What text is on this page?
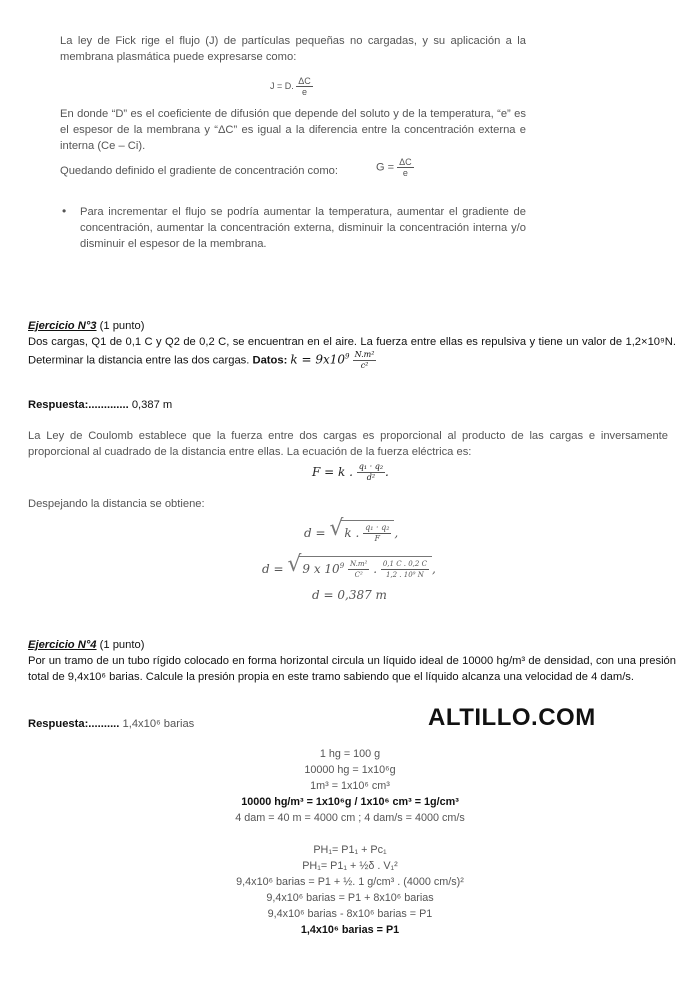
La ley de Fick rige el flujo (J) de partículas pequeñas no cargadas, y su aplicación a la membrana plasmática puede expresarse como:
J = D. $\frac{\Delta C}{e}$
En donde “D” es el coeficiente de difusión que depende del soluto y de la temperatura, “e” es el espesor de la membrana y “ΔC” es igual a la diferencia entre la concentración externa e interna (Ce – Ci).
Quedando definido el gradiente de concentración como:	$G = \frac{\Delta C}{e}$
• Para incrementar el flujo se podría aumentar la temperatura, aumentar el gradiente de concentración, aumentar la concentración externa, disminuir la concentración interna y/o disminuir el espesor de la membrana.
Ejercicio N°3 (1 punto)
Dos cargas, Q1 de 0,1 C y Q2 de 0,2 C, se encuentran en el aire. La fuerza entre ellas es repulsiva y tiene un valor de 1,2×10⁹N. Determinar la distancia entre las dos cargas. Datos: $k = 9x10^9 \frac{\text{N.m²}}{\text{c²}}$
Respuesta:............. 0,387 m
La Ley de Coulomb establece que la fuerza entre dos cargas es proporcional al producto de las cargas e inversamente proporcional al cuadrado de la distancia entre ellas. La ecuación de la fuerza eléctrica es:
F = k . $\frac{\text{q₁ · q₂}}{\text{d²}}$ .
Despejando la distancia se obtiene:
d = √ k . $\frac{\text{q₁ · q₂}}{F}$ ,
d = √ 9 x $10^9 \frac{\text{N.m²}}{\text{C²}}$ . $\frac{0,1 C . 0,2 C}{\text{1,2 . 10⁹ N}}$ ,
d = 0,387 m
Ejercicio N°4 (1 punto)
Por un tramo de un tubo rígido colocado en forma horizontal circula un líquido ideal de 10000 hg/m³ de densidad, con una presión total de 9,4x10⁶ barias. Calcule la presión propia en este tramo sabiendo que el líquido alcanza una velocidad de 4 dam/s.
Respuesta:.......... 1,4x10⁶ barias	ALTILLO.COM
1 hg = 100 g
10000 hg = 1x10⁶g
1m³ = 1x10⁶ cm³
10000 hg/m³ = 1x10⁶g / 1x10⁶ cm³ = 1g/cm³
4 dam = 40 m = 4000 cm ; 4 dam/s = 4000 cm/s
PH₁= P1₁ + Pc₁
PH₁= P1₁ + ½δ . V₁²
9,4x10⁶ barias = P1 + ½. 1 g/cm³ . (4000 cm/s)²
9,4x10⁶ barias = P1 + 8x10⁶ barias
9,4x10⁶ barias - 8x10⁶ barias = P1
1,4x10⁶ barias = P1
